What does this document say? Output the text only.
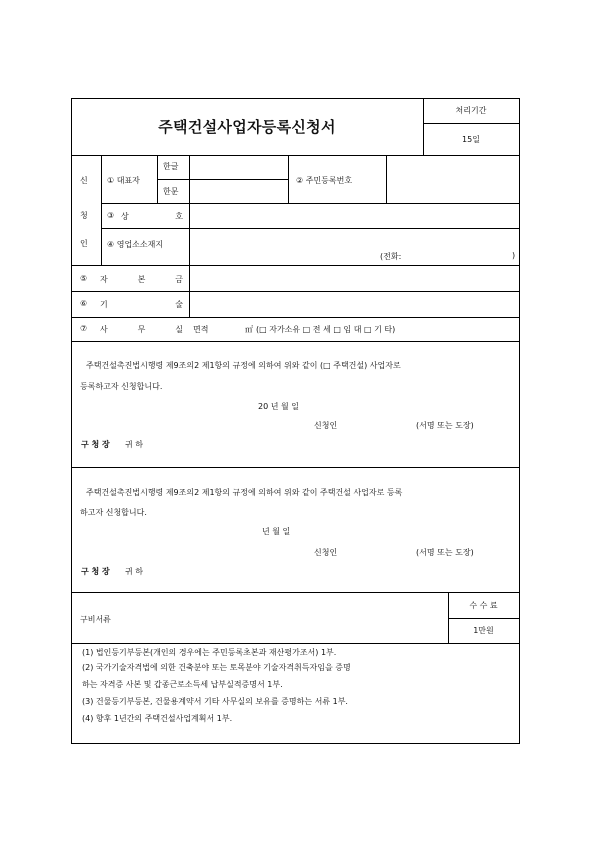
주택건설사업자등록신청서
처리기간
15일
신
청
인
① 대표자
한글
한문
② 주민등록번호
③ 상	호
④ 영업소소재지
(전화:	)
⑤ 자	본	금
⑥ 기	술
⑦ 사	무	실 면적	㎡ (□ 자가소유 □ 전 세 □ 임 대 □ 기 타)
주택건설촉진법시행령 제9조의2 제1항의 규정에 의하여 위와 같이 (□ 주택건설) 사업자로
등록하고자 신청합니다.
20 년 월 일
신청인	(서명 또는 도장)
구 청 장 귀 하
주택건설촉진법시행령 제9조의2 제1항의 규정에 의하여 위와 같이 주택건설 사업자로 등록
하고자 신청합니다.
년 월 일
신청인	(서명 또는 도장)
구 청 장 귀 하
구비서류
수 수 료
1만원
(1) 법인등기부등본(개인의 경우에는 주민등록초본과 재산평가조서) 1부.
(2) 국가기술자격법에 의한 건축분야 또는 토목분야 기술자격취득자임을 증명
하는 자격증 사본 및 갑종근로소득세 납부실적증명서 1부.
(3) 건물등기부등본, 건물용계약서 기타 사무실의 보유를 증명하는 서류 1부.
(4) 향후 1년간의 주택건설사업계획서 1부.
